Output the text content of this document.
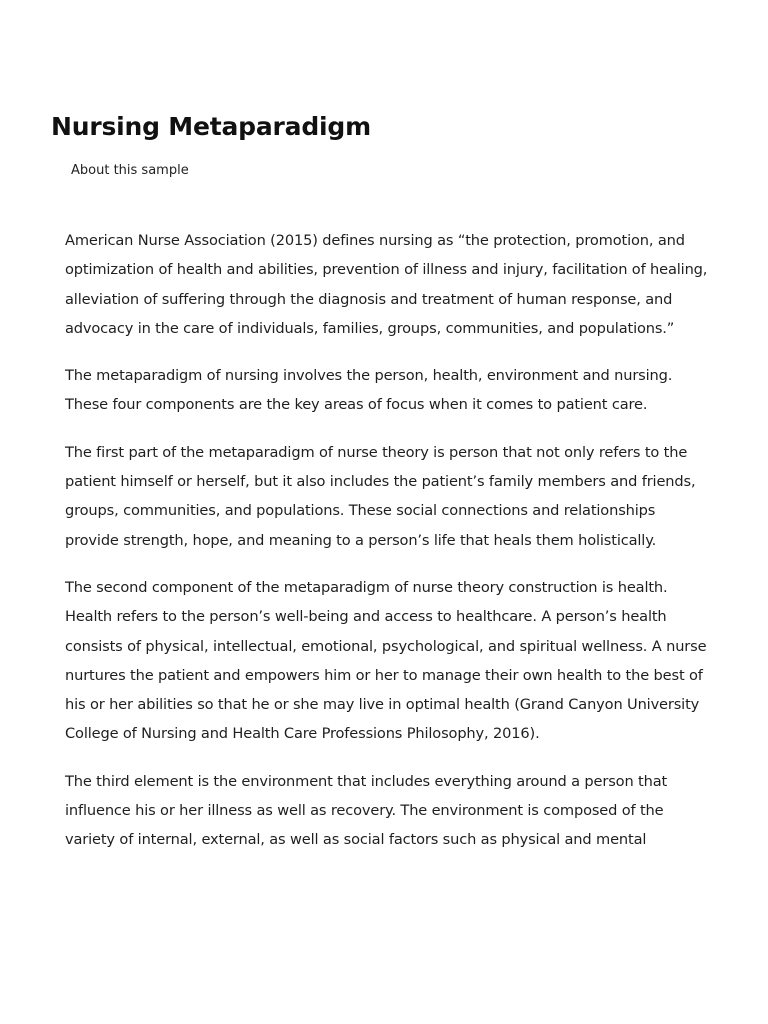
Nursing Metaparadigm
About this sample

American Nurse Association (2015) defines nursing as “the protection, promotion, and optimization of health and abilities, prevention of illness and injury, facilitation of healing, alleviation of suffering through the diagnosis and treatment of human response, and advocacy in the care of individuals, families, groups, communities, and populations.”

The metaparadigm of nursing involves the person, health, environment and nursing. These four components are the key areas of focus when it comes to patient care.

The first part of the metaparadigm of nurse theory is person that not only refers to the patient himself or herself, but it also includes the patient’s family members and friends, groups, communities, and populations. These social connections and relationships provide strength, hope, and meaning to a person’s life that heals them holistically.

The second component of the metaparadigm of nurse theory construction is health. Health refers to the person’s well-being and access to healthcare. A person’s health consists of physical, intellectual, emotional, psychological, and spiritual wellness. A nurse nurtures the patient and empowers him or her to manage their own health to the best of his or her abilities so that he or she may live in optimal health (Grand Canyon University College of Nursing and Health Care Professions Philosophy, 2016).

The third element is the environment that includes everything around a person that influence his or her illness as well as recovery. The environment is composed of the variety of internal, external, as well as social factors such as physical and mental
